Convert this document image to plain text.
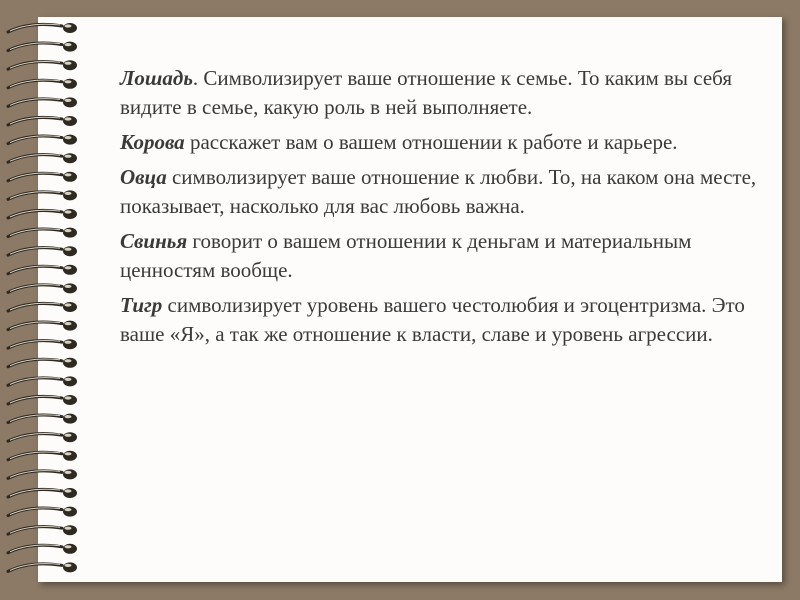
Лошадь. Символизирует ваше отношение к семье. То каким вы себя видите в семье, какую роль в ней выполняете.

Корова расскажет вам о вашем отношении к работе и карьере.

Овца символизирует ваше отношение к любви. То, на каком она месте, показывает, насколько для вас любовь важна.

Свинья говорит о вашем отношении к деньгам и материальным ценностям вообще.

Тигр символизирует уровень вашего честолюбия и эгоцентризма. Это ваше «Я», а так же отношение к власти, славе и уровень агрессии.
